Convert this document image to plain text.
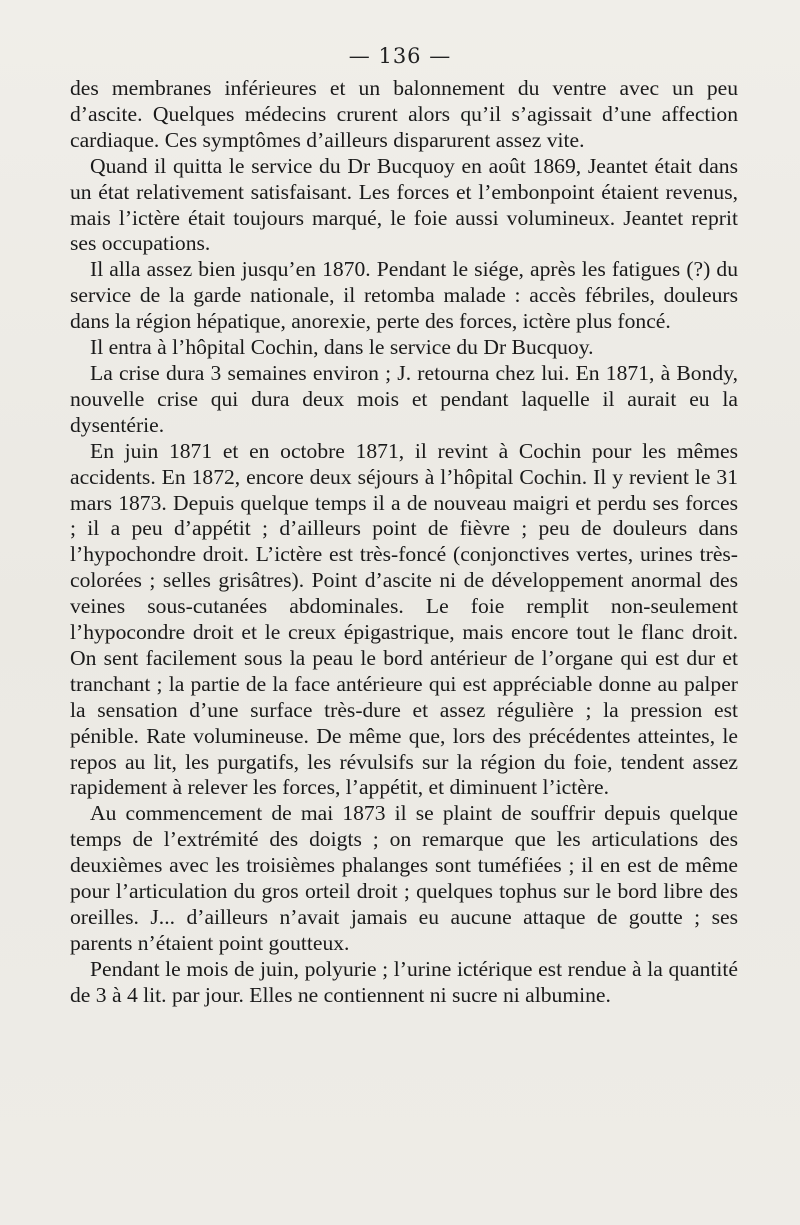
— 136 —

des membranes inférieures et un balonnement du ventre avec un peu d’ascite. Quelques médecins crurent alors qu’il s’agissait d’une affection cardiaque. Ces symptômes d’ailleurs disparurent assez vite.

Quand il quitta le service du Dr Bucquoy en août 1869, Jeantet était dans un état relativement satisfaisant. Les forces et l’embonpoint étaient revenus, mais l’ictère était toujours marqué, le foie aussi volumineux. Jeantet reprit ses occupations.

Il alla assez bien jusqu’en 1870. Pendant le siége, après les fatigues (?) du service de la garde nationale, il retomba malade : accès fébriles, douleurs dans la région hépatique, anorexie, perte des forces, ictère plus foncé.

Il entra à l’hôpital Cochin, dans le service du Dr Bucquoy.

La crise dura 3 semaines environ ; J. retourna chez lui. En 1871, à Bondy, nouvelle crise qui dura deux mois et pendant laquelle il aurait eu la dysentérie.

En juin 1871 et en octobre 1871, il revint à Cochin pour les mêmes accidents. En 1872, encore deux séjours à l’hôpital Cochin. Il y revient le 31 mars 1873. Depuis quelque temps il a de nouveau maigri et perdu ses forces ; il a peu d’appétit ; d’ailleurs point de fièvre ; peu de douleurs dans l’hypochondre droit. L’ictère est très-foncé (conjonctives vertes, urines très-colorées ; selles grisâtres). Point d’ascite ni de développement anormal des veines sous-cutanées abdominales. Le foie remplit non-seulement l’hypocondre droit et le creux épigastrique, mais encore tout le flanc droit. On sent facilement sous la peau le bord antérieur de l’organe qui est dur et tranchant ; la partie de la face antérieure qui est appréciable donne au palper la sensation d’une surface très-dure et assez régulière ; la pression est pénible. Rate volumineuse. De même que, lors des précédentes atteintes, le repos au lit, les purgatifs, les révulsifs sur la région du foie, tendent assez rapidement à relever les forces, l’appétit, et diminuent l’ictère.

Au commencement de mai 1873 il se plaint de souffrir depuis quelque temps de l’extrémité des doigts ; on remarque que les articulations des deuxièmes avec les troisièmes phalanges sont tuméfiées ; il en est de même pour l’articulation du gros orteil droit ; quelques tophus sur le bord libre des oreilles. J... d’ailleurs n’avait jamais eu aucune attaque de goutte ; ses parents n’étaient point goutteux.

Pendant le mois de juin, polyurie ; l’urine ictérique est rendue à la quantité de 3 à 4 lit. par jour. Elles ne contiennent ni sucre ni albumine.
